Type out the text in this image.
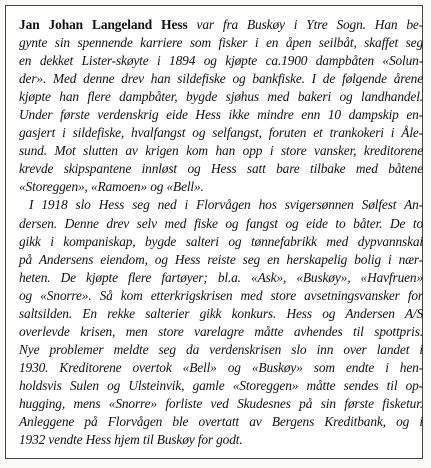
Jan Johan Langeland Hess var fra Buskøy i Ytre Sogn. Han be-
gynte sin spennende karriere som fisker i en åpen seilbåt, skaffet seg
en dekket Lister-skøyte i 1894 og kjøpte ca.1900 dampbåten «Solun-
der». Med denne drev han sildefiske og bankfiske. I de følgende årene
kjøpte han flere dampbåter, bygde sjøhus med bakeri og landhandel.
Under første verdenskrig eide Hess ikke mindre enn 10 dampskip en-
gasjert i sildefiske, hvalfangst og selfangst, foruten et trankokeri i Åle-
sund. Mot slutten av krigen kom han opp i store vansker, kreditorene
krevde skipspantene innløst og Hess satt bare tilbake med båtene
«Storeggen», «Ramoen» og «Bell».
I 1918 slo Hess seg ned i Florvågen hos svigersønnen Sølfest An-
dersen. Denne drev selv med fiske og fangst og eide to båter. De to
gikk i kompaniskap, bygde salteri og tønnefabrikk med dypvannskai
på Andersens eiendom, og Hess reiste seg en herskapelig bolig i nær-
heten. De kjøpte flere fartøyer; bl.a. «Ask», «Buskøy», «Havfruen»
og «Snorre». Så kom etterkrigskrisen med store avsetningsvansker for
saltsilden. En rekke salterier gikk konkurs. Hess og Andersen A/S
overlevde krisen, men store varelagre måtte avhendes til spottpris.
Nye problemer meldte seg da verdenskrisen slo inn over landet i
1930. Kreditorene overtok «Bell» og «Buskøy» som endte i hen-
holdsvis Sulen og Ulsteinvik, gamle «Storeggen» måtte sendes til op-
hugging, mens «Snorre» forliste ved Skudesnes på sin første fisketur.
Anleggene på Florvågen ble overtatt av Bergens Kreditbank, og i
1932 vendte Hess hjem til Buskøy for godt.
